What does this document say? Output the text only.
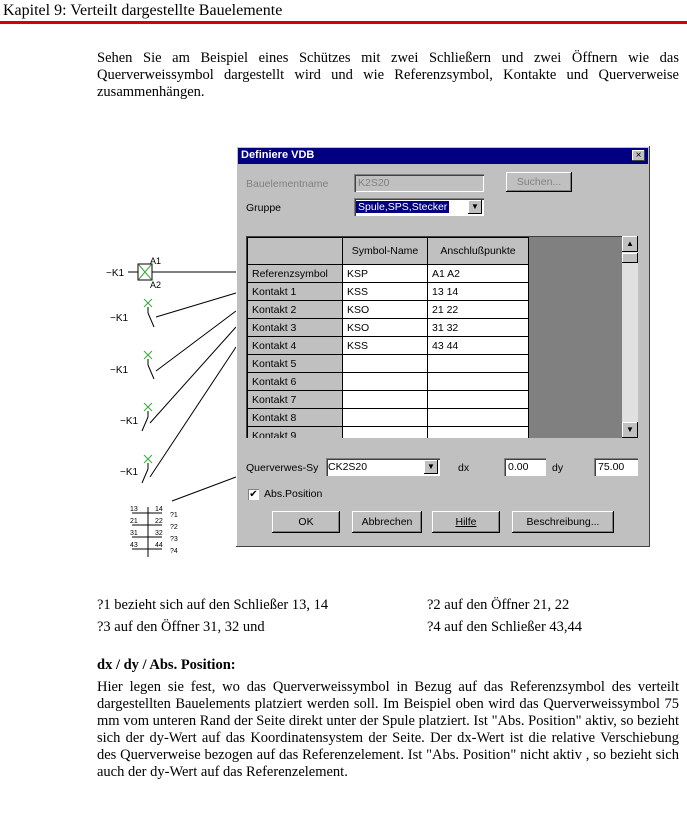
Kapitel 9: Verteilt dargestellte Bauelemente
Sehen Sie am Beispiel eines Schützes mit zwei Schließern und zwei Öffnern wie das Querverweissymbol dargestellt wird und wie Referenzsymbol, Kontakte und Querverweise zusammenhängen.
−K1
A1
A2
−K1
−K1
−K1
−K1
13 14
?1
21 22
?2
31 32
?3
43 44
?4
Definiere VDB	×
Bauelementname	K2S20	Suchen...
Gruppe	Spule,SPS,Stecker	▼
	Symbol-Name	Anschlußpunkte
Referenzsymbol	KSP	A1 A2
Kontakt 1	KSS	13 14
Kontakt 2	KSO	21 22
Kontakt 3	KSO	31 32
Kontakt 4	KSS	43 44
Kontakt 5		
Kontakt 6		
Kontakt 7		
Kontakt 8		
Kontakt 9		
▲
▼
Querverwes-Sy CK2S20	▼ dx	0.00	dy	75.00
✔ Abs.Position
OK	Abbrechen	Hilfe	Beschreibung...
?1 bezieht sich auf den Schließer 13, 14	?2 auf den Öffner 21, 22
?3 auf den Öffner 31, 32 und	?4 auf den Schließer 43,44
dx / dy / Abs. Position:
Hier legen sie fest, wo das Querverweissymbol in Bezug auf das Referenzsymbol des verteilt dargestellten Bauelements platziert werden soll. Im Beispiel oben wird das Querverweissymbol 75 mm vom unteren Rand der Seite direkt unter der Spule platziert. Ist "Abs. Position" aktiv, so bezieht sich der dy-Wert auf das Koordinatensystem der Seite. Der dx-Wert ist die relative Verschiebung des Querverweise bezogen auf das Referenzelement. Ist "Abs. Position" nicht aktiv , so bezieht sich auch der dy-Wert auf das Referenzelement.
